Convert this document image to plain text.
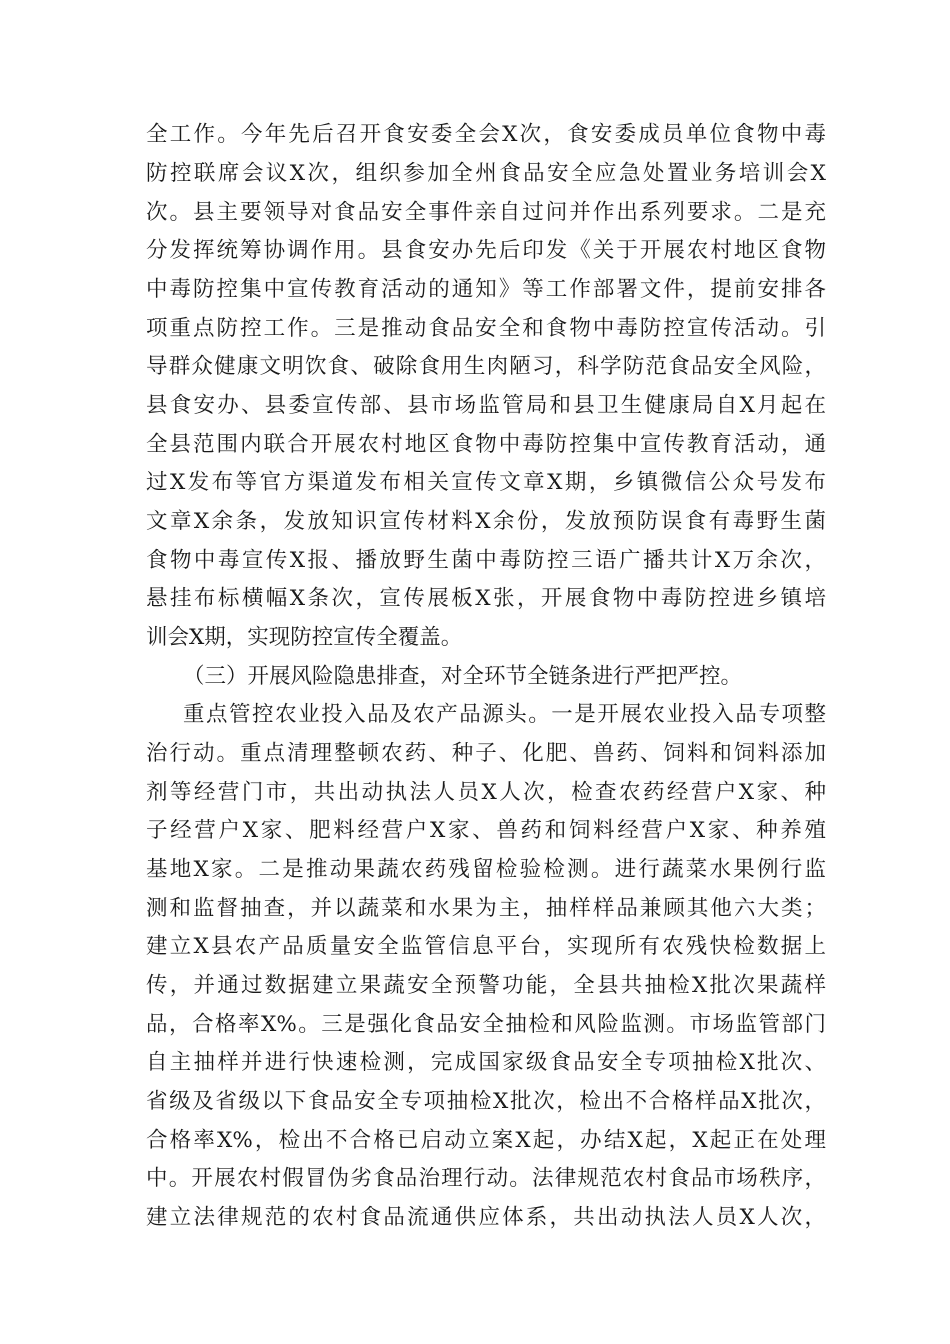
全工作。今年先后召开食安委全会X次，食安委成员单位食物中毒
防控联席会议X次，组织参加全州食品安全应急处置业务培训会X
次。县主要领导对食品安全事件亲自过问并作出系列要求。二是充
分发挥统筹协调作用。县食安办先后印发《关于开展农村地区食物
中毒防控集中宣传教育活动的通知》等工作部署文件，提前安排各
项重点防控工作。三是推动食品安全和食物中毒防控宣传活动。引
导群众健康文明饮食、破除食用生肉陋习，科学防范食品安全风险，
县食安办、县委宣传部、县市场监管局和县卫生健康局自X月起在
全县范围内联合开展农村地区食物中毒防控集中宣传教育活动，通
过X发布等官方渠道发布相关宣传文章X期，乡镇微信公众号发布
文章X余条，发放知识宣传材料X余份，发放预防误食有毒野生菌
食物中毒宣传X报、播放野生菌中毒防控三语广播共计X万余次，
悬挂布标横幅X条次，宣传展板X张，开展食物中毒防控进乡镇培
训会X期，实现防控宣传全覆盖。
（三）开展风险隐患排查，对全环节全链条进行严把严控。
重点管控农业投入品及农产品源头。一是开展农业投入品专项整
治行动。重点清理整顿农药、种子、化肥、兽药、饲料和饲料添加
剂等经营门市，共出动执法人员X人次，检查农药经营户X家、种
子经营户X家、肥料经营户X家、兽药和饲料经营户X家、种养殖
基地X家。二是推动果蔬农药残留检验检测。进行蔬菜水果例行监
测和监督抽查，并以蔬菜和水果为主，抽样样品兼顾其他六大类；
建立X县农产品质量安全监管信息平台，实现所有农残快检数据上
传，并通过数据建立果蔬安全预警功能，全县共抽检X批次果蔬样
品，合格率X%。三是强化食品安全抽检和风险监测。市场监管部门
自主抽样并进行快速检测，完成国家级食品安全专项抽检X批次、
省级及省级以下食品安全专项抽检X批次，检出不合格样品X批次，
合格率X%，检出不合格已启动立案X起，办结X起，X起正在处理
中。开展农村假冒伪劣食品治理行动。法律规范农村食品市场秩序，
建立法律规范的农村食品流通供应体系，共出动执法人员X人次，
